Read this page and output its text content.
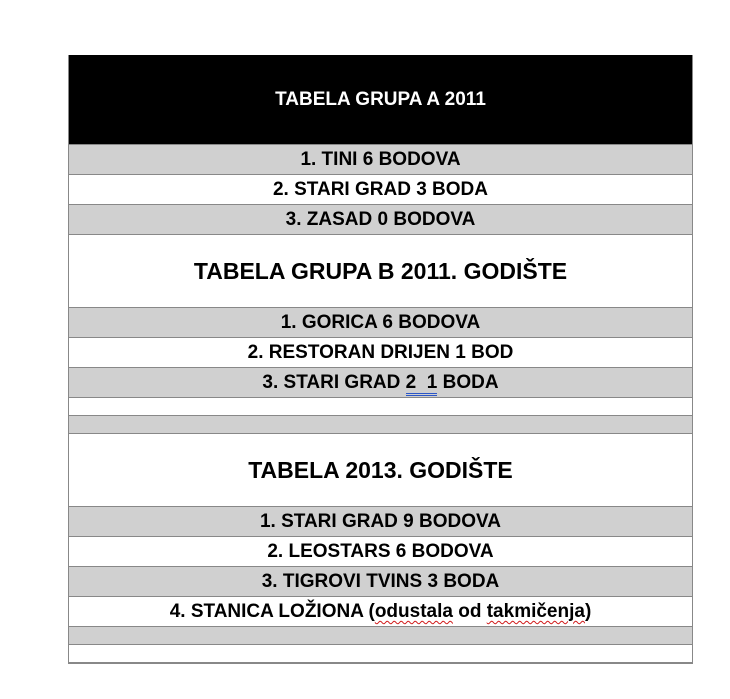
TABELA GRUPA A 2011
1. TINI 6 BODOVA
2. STARI GRAD 3 BODA
3. ZASAD 0 BODOVA
TABELA GRUPA B 2011. GODIŠTE
1. GORICA 6 BODOVA
2. RESTORAN DRIJEN 1 BOD
3. STARI GRAD 2  1 BODA
TABELA 2013. GODIŠTE
1. STARI GRAD 9 BODOVA
2. LEOSTARS 6 BODOVA
3. TIGROVI TVINS 3 BODA
4. STANICA LOŽIONA (odustala od takmičenja)
